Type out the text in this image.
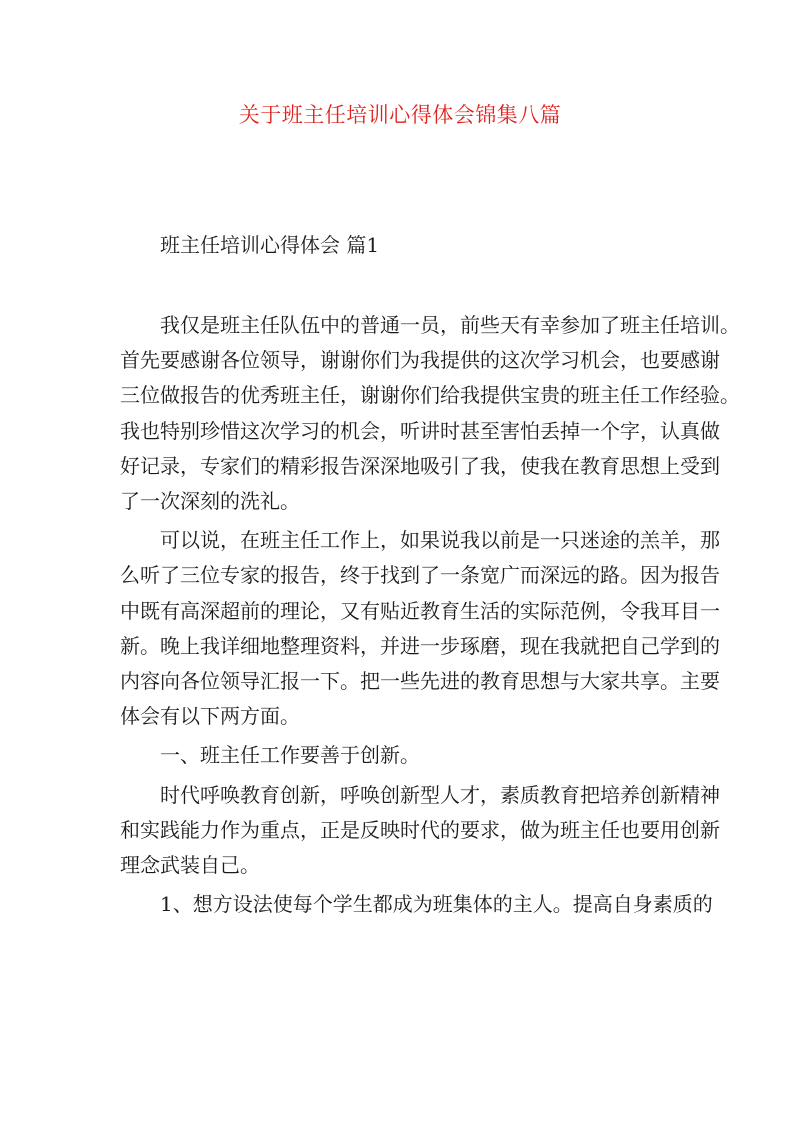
关于班主任培训心得体会锦集八篇
班主任培训心得体会 篇1
我仅是班主任队伍中的普通一员，前些天有幸参加了班主任培训。
首先要感谢各位领导，谢谢你们为我提供的这次学习机会，也要感谢
三位做报告的优秀班主任，谢谢你们给我提供宝贵的班主任工作经验。
我也特别珍惜这次学习的机会，听讲时甚至害怕丢掉一个字，认真做
好记录，专家们的精彩报告深深地吸引了我，使我在教育思想上受到
了一次深刻的洗礼。
可以说，在班主任工作上，如果说我以前是一只迷途的羔羊，那
么听了三位专家的报告，终于找到了一条宽广而深远的路。因为报告
中既有高深超前的理论，又有贴近教育生活的实际范例，令我耳目一
新。晚上我详细地整理资料，并进一步琢磨，现在我就把自己学到的
内容向各位领导汇报一下。把一些先进的教育思想与大家共享。主要
体会有以下两方面。
一、班主任工作要善于创新。
时代呼唤教育创新，呼唤创新型人才，素质教育把培养创新精神
和实践能力作为重点，正是反映时代的要求，做为班主任也要用创新
理念武装自己。
1、想方设法使每个学生都成为班集体的主人。提高自身素质的
